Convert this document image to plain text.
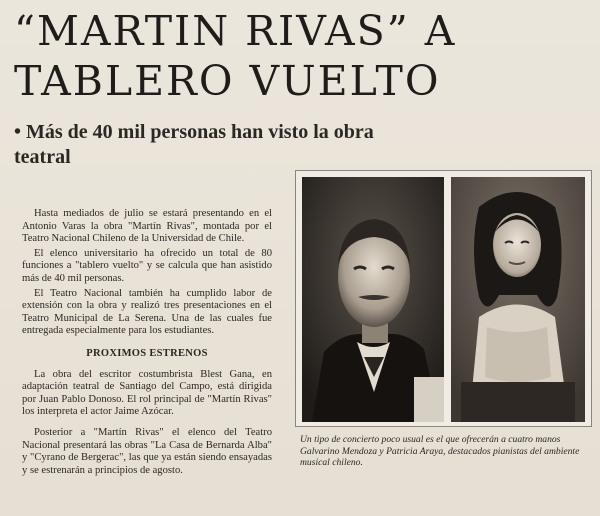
“MARTIN RIVAS” A TABLERO VUELTO
• Más de 40 mil personas han visto la obra teatral

Hasta mediados de julio se estará presentando en el Antonio Varas la obra "Martín Rivas", montada por el Teatro Nacional Chileno de la Universidad de Chile.

El elenco universitario ha ofrecido un total de 80 funciones a "tablero vuelto" y se calcula que han asistido más de 40 mil personas.

El Teatro Nacional también ha cumplido labor de extensión con la obra y realizó tres presentaciones en el Teatro Municipal de La Serena. Una de las cuales fue entregada especialmente para los estudiantes.

PROXIMOS ESTRENOS

La obra del escritor costumbrista Blest Gana, en adaptación teatral de Santiago del Campo, está dirigida por Juan Pablo Donoso. El rol principal de "Martín Rivas" los interpreta el actor Jaime Azócar.

Posterior a "Martín Rivas" el elenco del Teatro Nacional presentará las obras "La Casa de Bernarda Alba" y "Cyrano de Bergerac", las que ya están siendo ensayadas y se estrenarán a principios de agosto.

Un tipo de concierto poco usual es el que ofrecerán a cuatro manos Galvarino Mendoza y Patricia Araya, destacados pianistas del ambiente musical chileno.
